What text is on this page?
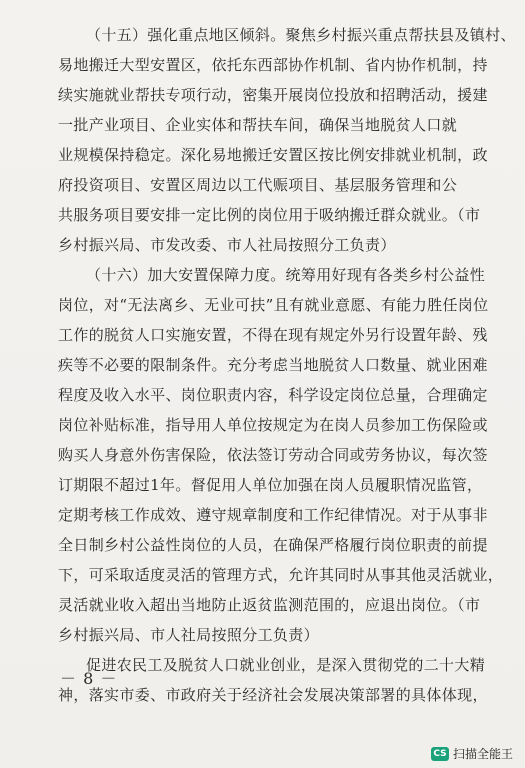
（十五）强化重点地区倾斜。聚焦乡村振兴重点帮扶县及镇村、

易地搬迁大型安置区，依托东西部协作机制、省内协作机制，持

续实施就业帮扶专项行动，密集开展岗位投放和招聘活动，援建

一批产业项目、企业实体和帮扶车间，确保当地脱贫人口就

业规模保持稳定。深化易地搬迁安置区按比例安排就业机制，政

府投资项目、安置区周边以工代赈项目、基层服务管理和公

共服务项目要安排一定比例的岗位用于吸纳搬迁群众就业。（市

乡村振兴局、市发改委、市人社局按照分工负责）

（十六）加大安置保障力度。统筹用好现有各类乡村公益性

岗位，对“无法离乡、无业可扶”且有就业意愿、有能力胜任岗位

工作的脱贫人口实施安置，不得在现有规定外另行设置年龄、残

疾等不必要的限制条件。充分考虑当地脱贫人口数量、就业困难

程度及收入水平、岗位职责内容，科学设定岗位总量，合理确定

岗位补贴标准，指导用人单位按规定为在岗人员参加工伤保险或

购买人身意外伤害保险，依法签订劳动合同或劳务协议，每次签

订期限不超过1年。督促用人单位加强在岗人员履职情况监管，

定期考核工作成效、遵守规章制度和工作纪律情况。对于从事非

全日制乡村公益性岗位的人员，在确保严格履行岗位职责的前提

下，可采取适度灵活的管理方式，允许其同时从事其他灵活就业，

灵活就业收入超出当地防止返贫监测范围的，应退出岗位。（市

乡村振兴局、市人社局按照分工负责）

促进农民工及脱贫人口就业创业，是深入贯彻党的二十大精

神，落实市委、市政府关于经济社会发展决策部署的具体体现，

－ 8 －
CS 扫描全能王
